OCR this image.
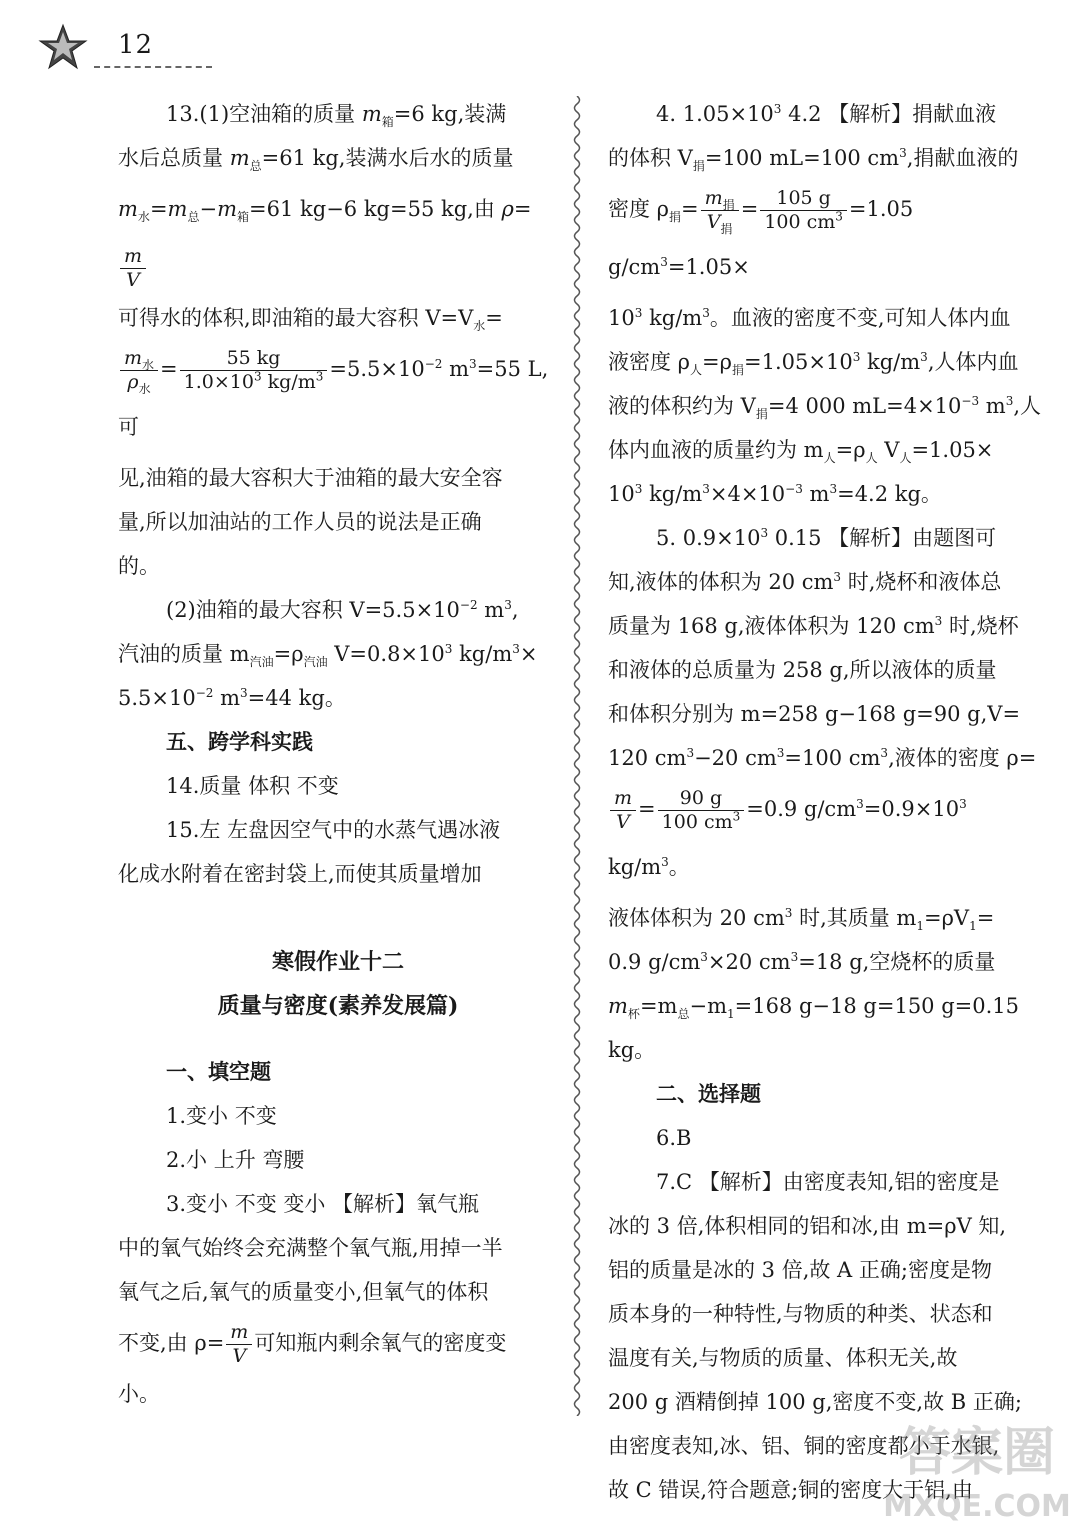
12

13.(1)空油箱的质量 $m_箱=6$ kg,装满

水后总质量 $m_总=61$ kg,装满水后水的质量

$m_水=m_总-m_箱=61$ kg−6 kg=55 kg,由 ρ=
$\frac{m}{V}$

可得水的体积,即油箱的最大容积 $V=V_水=$

$\frac{m_水}{\rho_水} = \frac{55 kg}{1.0\times 10^3 kg/m^3} =5.5\times 10^{-2}$ $m^3=55$ L,可

见,油箱的最大容积大于油箱的最大安全容

量,所以加油站的工作人员的说法是正确

的。

(2)油箱的最大容积 $V=5.5\times 10^{-2}$ $m^3$,

汽油的质量 $m_{汽油}=\rho_{汽油}$ $V=0.8\times 10^3$ $kg/m^3\times$

$5.5\times 10^{-2}$ $m^3=44$ kg。

五、跨学科实践

14.质量 体积 不变

15.左 左盘因空气中的水蒸气遇冰液

化成水附着在密封袋上,而使其质量增加

寒假作业十二

质量与密度(素养发展篇)

一、填空题

1.变小 不变

2.小 上升 弯腰

3.变小 不变 变小 【解析】氧气瓶

中的氧气始终会充满整个氧气瓶,用掉一半

氧气之后,氧气的质量变小,但氧气的体积

不变,由 $\rho= \frac{m}{V}$ 可知瓶内剩余氧气的密度变

小。

4. $1.05\times 10^3$ 4.2 【解析】捐献血液

的体积 $V_捐=100$ mL=100 $cm^3$,捐献血液的

密度 $\rho_捐= \frac{m_捐}{V_捐} = \frac{105 g}{100 cm^3} =1.05$ $g/cm^3=1.05\times$

$10^3$ $kg/m^3$。血液的密度不变,可知人体内血

液密度 $\rho_人=\rho_捐=1.05\times 10^3$ $kg/m^3$,人体内血

液的体积约为 $V_捐=4$ 000 $mL=4\times 10^{-3}$ $m^3$,人

体内血液的质量约为 $m_人=\rho_人$ $V_人=1.05\times$

$10^3$ $kg/m^3\times 4\times 10^{-3}$ $m^3=4.2$ kg。

5. $0.9\times 10^3$ 0.15 【解析】由题图可

知,液体的体积为 20 $cm^3$ 时,烧杯和液体总

质量为 168 g,液体体积为 120 $cm^3$ 时,烧杯

和液体的总质量为 258 g,所以液体的质量

和体积分别为 m=258 g−168 g=90 g,V=

120 $cm^3-20$ $cm^3=100$ $cm^3$,液体的密度 ρ=

$\frac{m}{V} = \frac{90 g}{100 cm^3} =0.9$ $g/cm^3=0.9\times 10^3$ $kg/m^3$。

液体体积为 20 $cm^3$ 时,其质量 $m_1=\rho V_1=$

0.9 $g/cm^3\times 20$ $cm^3=18$ g,空烧杯的质量

$m_杯=m_总-m_1=168$ g−18 g=150 g=0.15 kg。

二、选择题

6.B

7.C 【解析】由密度表知,铝的密度是

冰的 3 倍,体积相同的铝和冰,由 m=ρV 知,

铝的质量是冰的 3 倍,故 A 正确;密度是物

质本身的一种特性,与物质的种类、状态和

温度有关,与物质的质量、体积无关,故

200 g 酒精倒掉 100 g,密度不变,故 B 正确;

由密度表知,冰、铝、铜的密度都小于水银,

故 C 错误,符合题意;铜的密度大于铝,由

答案圈
MXQE.COM
